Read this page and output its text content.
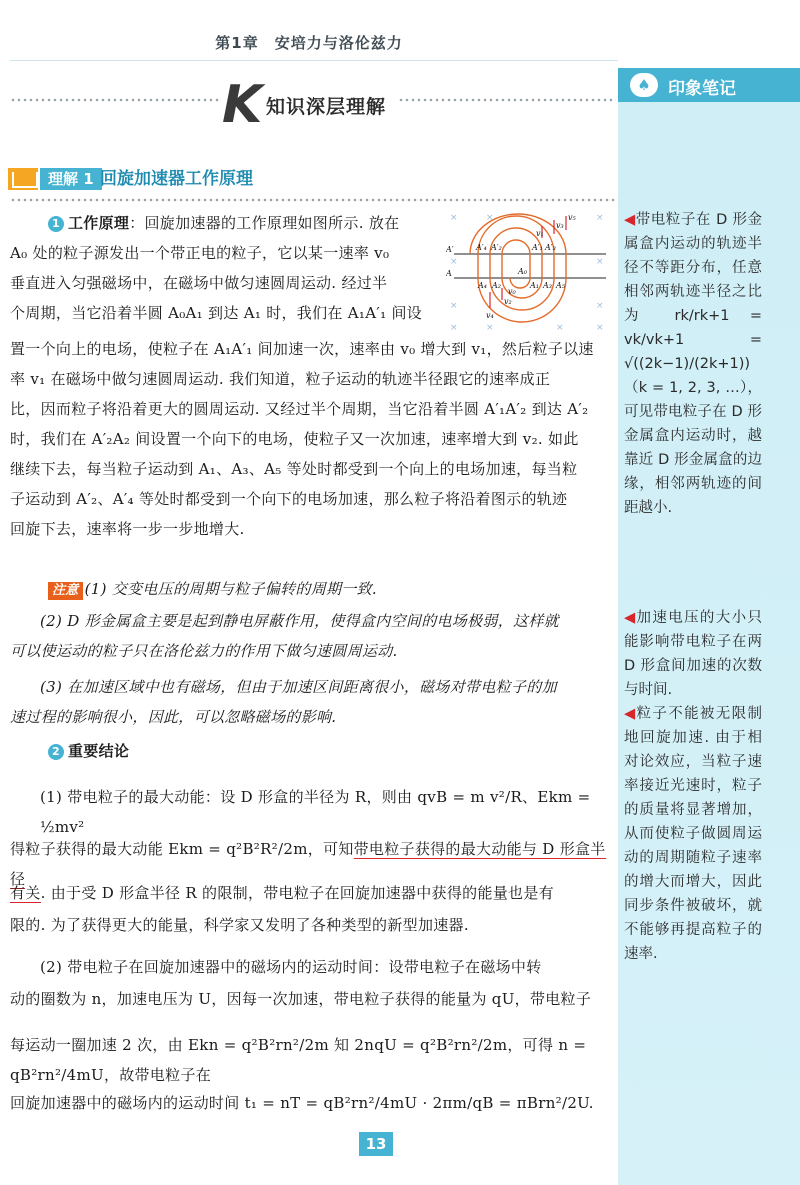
第1章　安培力与洛伦兹力
K 知识深层理解
♠	印象笔记
◀带电粒子在 D 形金属盒内运动的轨迹半径不等距分布，任意相邻两轨迹半径之比为 rk/rk+1 = vk/vk+1 = √((2k−1)/(2k+1))（k = 1, 2, 3, …），可见带电粒子在 D 形金属盒内运动时，越靠近 D 形金属盒的边缘，相邻两轨迹的间距越小.
◀加速电压的大小只能影响带电粒子在两 D 形盒间加速的次数与时间.
◀粒子不能被无限制地回旋加速. 由于相对论效应，当粒子速率接近光速时，粒子的质量将显著增加，从而使粒子做圆周运动的周期随粒子速率的增大而增大，因此同步条件被破坏，就不能够再提高粒子的速率.
理解 1 回旋加速器工作原理
1 工作原理：回旋加速器的工作原理如图所示. 放在
A₀ 处的粒子源发出一个带正电的粒子，它以某一速率 v₀
垂直进入匀强磁场中，在磁场中做匀速圆周运动. 经过半
个周期，当它沿着半圆 A₀A₁ 到达 A₁ 时，我们在 A₁A′₁ 间设
置一个向上的电场，使粒子在 A₁A′₁ 间加速一次，速率由 v₀ 增大到 v₁，然后粒子以速
率 v₁ 在磁场中做匀速圆周运动. 我们知道，粒子运动的轨迹半径跟它的速率成正
比，因而粒子将沿着更大的圆周运动. 又经过半个周期，当它沿着半圆 A′₁A′₂ 到达 A′₂
时，我们在 A′₂A₂ 间设置一个向下的电场，使粒子又一次加速，速率增大到 v₂. 如此
继续下去，每当粒子运动到 A₁、A₃、A₅ 等处时都受到一个向上的电场加速，每当粒
子运动到 A′₂、A′₄ 等处时都受到一个向下的电场加速，那么粒子将沿着图示的轨迹
回旋下去，速率将一步一步地增大.
×	×	×
×	×
×	×
×	×	×	×
A′
A	A₀
A₁ A₃ A₅
A₂
A₄
A′₄ A′₂	A′₁ A′₃
v₀
v₁
v₂
v₃
v₄
v₅
注意 (1) 交变电压的周期与粒子偏转的周期一致.
(2) D 形金属盒主要是起到静电屏蔽作用，使得盒内空间的电场极弱，这样就
可以使运动的粒子只在洛伦兹力的作用下做匀速圆周运动.
(3) 在加速区域中也有磁场，但由于加速区间距离很小，磁场对带电粒子的加
速过程的影响很小，因此，可以忽略磁场的影响.
2 重要结论
(1) 带电粒子的最大动能：设 D 形盒的半径为 R，则由 qvB = m v²/R、Ekm = ½mv²
得粒子获得的最大动能 Ekm = q²B²R²/2m，可知带电粒子获得的最大动能与 D 形盒半径
有关. 由于受 D 形盒半径 R 的限制，带电粒子在回旋加速器中获得的能量也是有
限的. 为了获得更大的能量，科学家又发明了各种类型的新型加速器.
(2) 带电粒子在回旋加速器中的磁场内的运动时间：设带电粒子在磁场中转
动的圈数为 n，加速电压为 U，因每一次加速，带电粒子获得的能量为 qU，带电粒子
每运动一圈加速 2 次，由 Ekn = q²B²rn²/2m 知 2nqU = q²B²rn²/2m，可得 n = qB²rn²/4mU，故带电粒子在
回旋加速器中的磁场内的运动时间 t₁ = nT = qB²rn²/4mU · 2πm/qB = πBrn²/2U.
13
